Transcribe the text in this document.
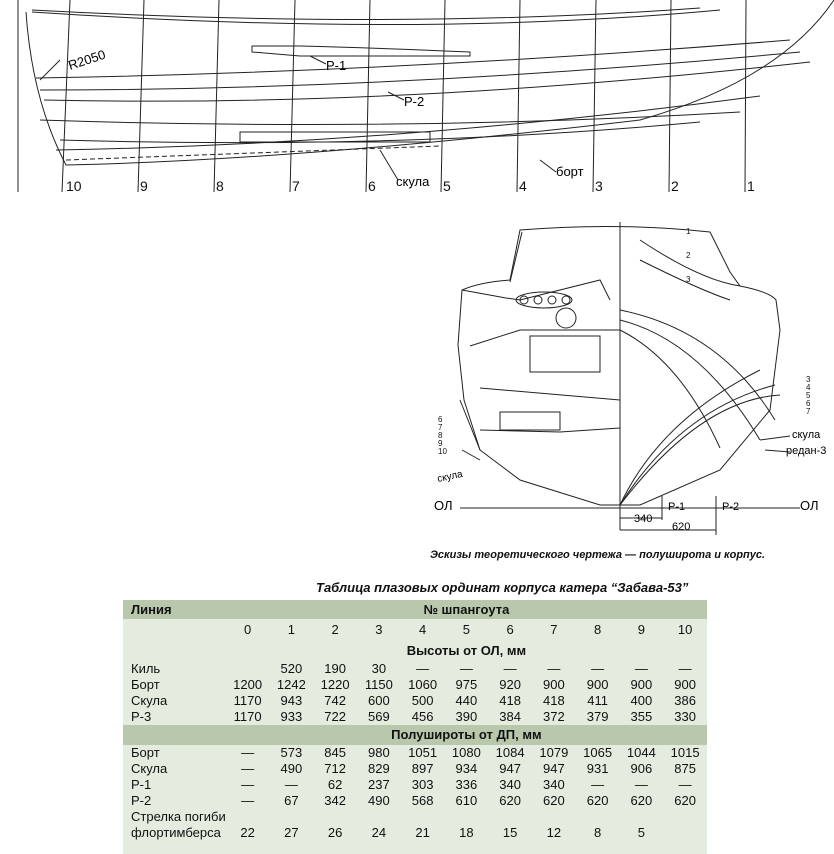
10	9	8	7	6	5	4	3	2	1
R2050	P-1
P-2
скула
борт
ОЛ	ОЛ
P-1	P-2
340
620
скула
редан-3
скула
6
7
8
9
10
3
4
5
6
7
1
2
3
Эскизы теоретического чертежа — полуширота и корпус.
Таблица плазовых ординат корпуса катера “Забава-53”
Линия	№ шпангоута										
	0	1	2	3	4	5	6	7	8	9	10
	Высоты от ОЛ, мм										
Киль		520	190	30	—	—	—	—	—	—	—
Борт	1200	1242	1220	1150	1060	975	920	900	900	900	900
Скула	1170	943	742	600	500	440	418	418	411	400	386
Р-3	1170	933	722	569	456	390	384	372	379	355	330
	Полушироты от ДП, мм										
Борт	—	573	845	980	1051	1080	1084	1079	1065	1044	1015
Скула	—	490	712	829	897	934	947	947	931	906	875
Р-1	—	—	62	237	303	336	340	340	—	—	—
Р-2	—	67	342	490	568	610	620	620	620	620	620
Стрелка погиби											
флортимберса	22	27	26	24	21	18	15	12	8	5	
